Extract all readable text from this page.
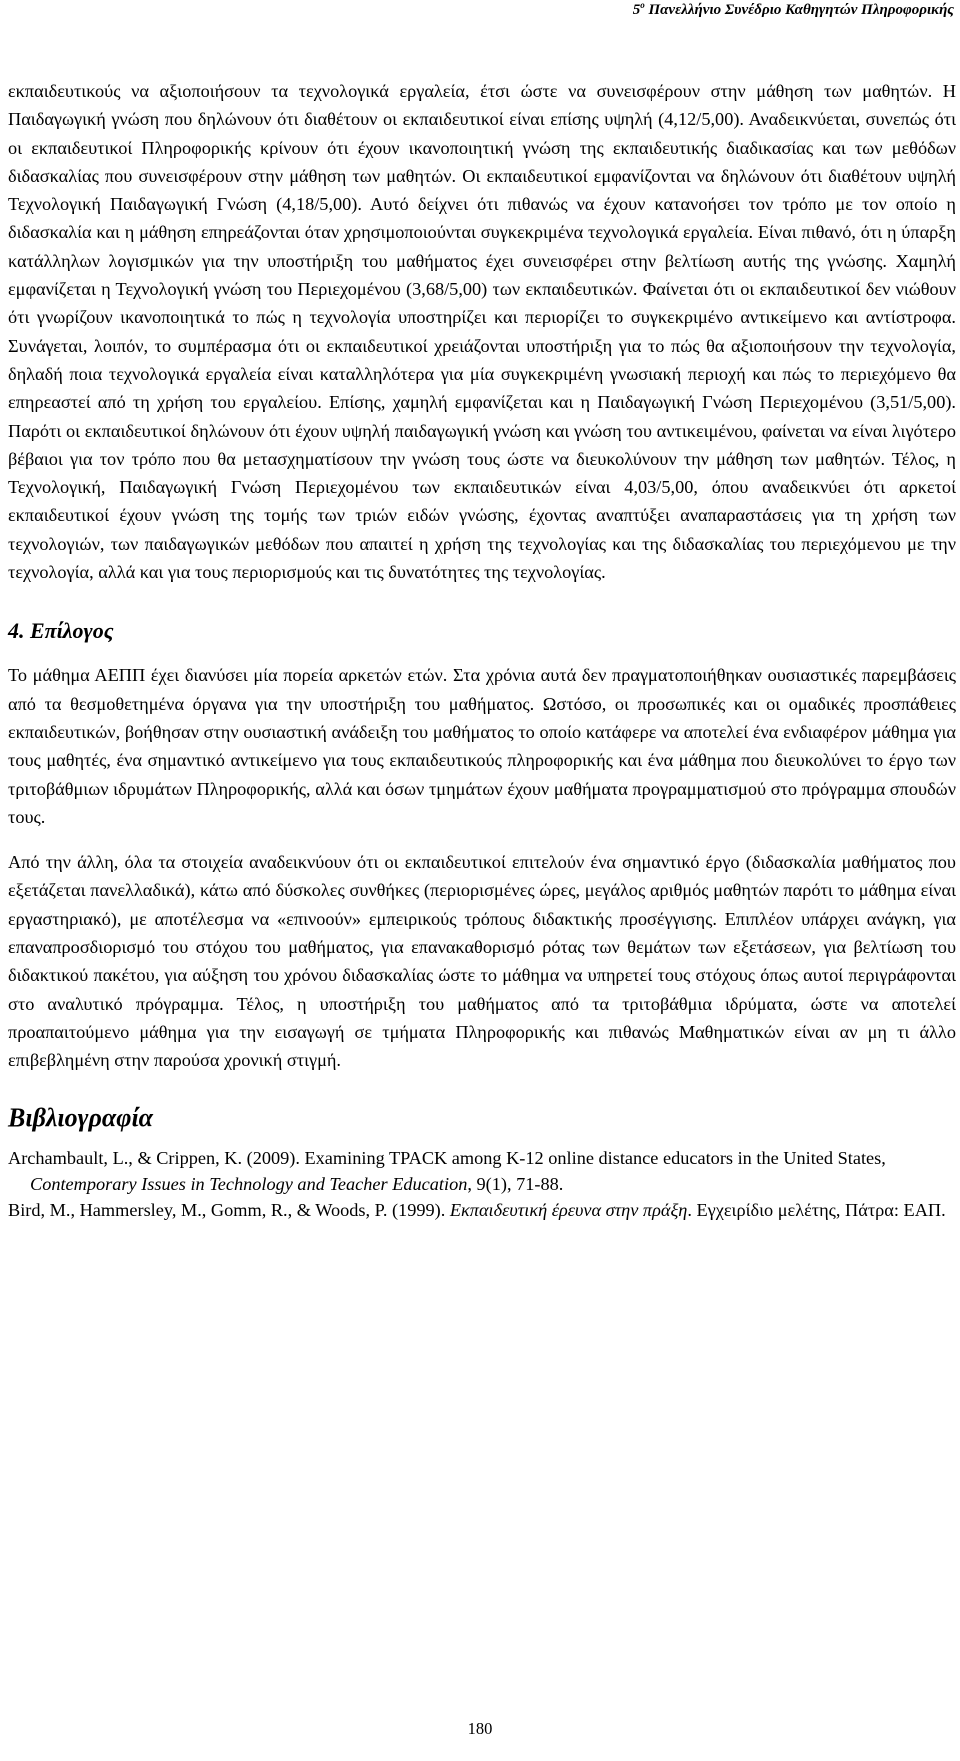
$5^o$ Πανελλήνιο Συνέδριο Καθηγητών Πληροφορικής

εκπαιδευτικούς να αξιοποιήσουν τα τεχνολογικά εργαλεία, έτσι ώστε να συνεισφέρουν στην μάθηση των μαθητών. Η Παιδαγωγική γνώση που δηλώνουν ότι διαθέτουν οι εκπαιδευτικοί είναι επίσης υψηλή (4,12/5,00). Αναδεικνύεται, συνεπώς ότι οι εκπαιδευτικοί Πληροφορικής κρίνουν ότι έχουν ικανοποιητική γνώση της εκπαιδευτικής διαδικασίας και των μεθόδων διδασκαλίας που συνεισφέρουν στην μάθηση των μαθητών. Οι εκπαιδευτικοί εμφανίζονται να δηλώνουν ότι διαθέτουν υψηλή Τεχνολογική Παιδαγωγική Γνώση (4,18/5,00). Αυτό δείχνει ότι πιθανώς να έχουν κατανοήσει τον τρόπο με τον οποίο η διδασκαλία και η μάθηση επηρεάζονται όταν χρησιμοποιούνται συγκεκριμένα τεχνολογικά εργαλεία. Είναι πιθανό, ότι η ύπαρξη κατάλληλων λογισμικών για την υποστήριξη του μαθήματος έχει συνεισφέρει στην βελτίωση αυτής της γνώσης. Χαμηλή εμφανίζεται η Τεχνολογική γνώση του Περιεχομένου (3,68/5,00) των εκπαιδευτικών. Φαίνεται ότι οι εκπαιδευτικοί δεν νιώθουν ότι γνωρίζουν ικανοποιητικά το πώς η τεχνολογία υποστηρίζει και περιορίζει το συγκεκριμένο αντικείμενο και αντίστροφα. Συνάγεται, λοιπόν, το συμπέρασμα ότι οι εκπαιδευτικοί χρειάζονται υποστήριξη για το πώς θα αξιοποιήσουν την τεχνολογία, δηλαδή ποια τεχνολογικά εργαλεία είναι καταλληλότερα για μία συγκεκριμένη γνωσιακή περιοχή και πώς το περιεχόμενο θα επηρεαστεί από τη χρήση του εργαλείου. Επίσης, χαμηλή εμφανίζεται και η Παιδαγωγική Γνώση Περιεχομένου (3,51/5,00). Παρότι οι εκπαιδευτικοί δηλώνουν ότι έχουν υψηλή παιδαγωγική γνώση και γνώση του αντικειμένου, φαίνεται να είναι λιγότερο βέβαιοι για τον τρόπο που θα μετασχηματίσουν την γνώση τους ώστε να διευκολύνουν την μάθηση των μαθητών. Τέλος, η Τεχνολογική, Παιδαγωγική Γνώση Περιεχομένου των εκπαιδευτικών είναι 4,03/5,00, όπου αναδεικνύει ότι αρκετοί εκπαιδευτικοί έχουν γνώση της τομής των τριών ειδών γνώσης, έχοντας αναπτύξει αναπαραστάσεις για τη χρήση των τεχνολογιών, των παιδαγωγικών μεθόδων που απαιτεί η χρήση της τεχνολογίας και της διδασκαλίας του περιεχόμενου με την τεχνολογία, αλλά και για τους περιορισμούς και τις δυνατότητες της τεχνολογίας.

4. Επίλογος

Το μάθημα ΑΕΠΠ έχει διανύσει μία πορεία αρκετών ετών. Στα χρόνια αυτά δεν πραγματοποιήθηκαν ουσιαστικές παρεμβάσεις από τα θεσμοθετημένα όργανα για την υποστήριξη του μαθήματος. Ωστόσο, οι προσωπικές και οι ομαδικές προσπάθειες εκπαιδευτικών, βοήθησαν στην ουσιαστική ανάδειξη του μαθήματος το οποίο κατάφερε να αποτελεί ένα ενδιαφέρον μάθημα για τους μαθητές, ένα σημαντικό αντικείμενο για τους εκπαιδευτικούς πληροφορικής και ένα μάθημα που διευκολύνει το έργο των τριτοβάθμιων ιδρυμάτων Πληροφορικής, αλλά και όσων τμημάτων έχουν μαθήματα προγραμματισμού στο πρόγραμμα σπουδών τους.

Από την άλλη, όλα τα στοιχεία αναδεικνύουν ότι οι εκπαιδευτικοί επιτελούν ένα σημαντικό έργο (διδασκαλία μαθήματος που εξετάζεται πανελλαδικά), κάτω από δύσκολες συνθήκες (περιορισμένες ώρες, μεγάλος αριθμός μαθητών παρότι το μάθημα είναι εργαστηριακό), με αποτέλεσμα να «επινοούν» εμπειρικούς τρόπους διδακτικής προσέγγισης. Επιπλέον υπάρχει ανάγκη, για επαναπροσδιορισμό του στόχου του μαθήματος, για επανακαθορισμό ρότας των θεμάτων των εξετάσεων, για βελτίωση του διδακτικού πακέτου, για αύξηση του χρόνου διδασκαλίας ώστε το μάθημα να υπηρετεί τους στόχους όπως αυτοί περιγράφονται στο αναλυτικό πρόγραμμα. Τέλος, η υποστήριξη του μαθήματος από τα τριτοβάθμια ιδρύματα, ώστε να αποτελεί προαπαιτούμενο μάθημα για την εισαγωγή σε τμήματα Πληροφορικής και πιθανώς Μαθηματικών είναι αν μη τι άλλο επιβεβλημένη στην παρούσα χρονική στιγμή.

Βιβλιογραφία

Archambault, L., & Crippen, K. (2009). Examining TPACK among K-12 online distance educators in the United States, Contemporary Issues in Technology and Teacher Education, 9(1), 71-88.

Bird, M., Hammersley, M., Gomm, R., & Woods, P. (1999). Εκπαιδευτική έρευνα στην πράξη. Εγχειρίδιο μελέτης, Πάτρα: ΕΑΠ.

180
